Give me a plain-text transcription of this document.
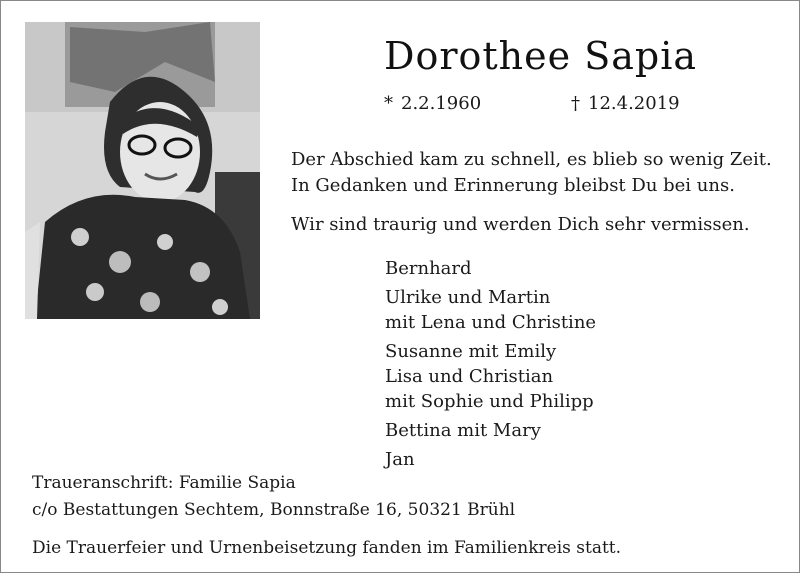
Dorothee Sapia
* 2.2.1960	† 12.4.2019
Der Abschied kam zu schnell, es blieb so wenig Zeit.
In Gedanken und Erinnerung bleibst Du bei uns.
Wir sind traurig und werden Dich sehr vermissen.
Bernhard
Ulrike und Martin
mit Lena und Christine
Susanne mit Emily
Lisa und Christian
mit Sophie und Philipp
Bettina mit Mary
Jan
Traueranschrift: Familie Sapia
c/o Bestattungen Sechtem, Bonnstraße 16, 50321 Brühl
Die Trauerfeier und Urnenbeisetzung fanden im Familienkreis statt.
